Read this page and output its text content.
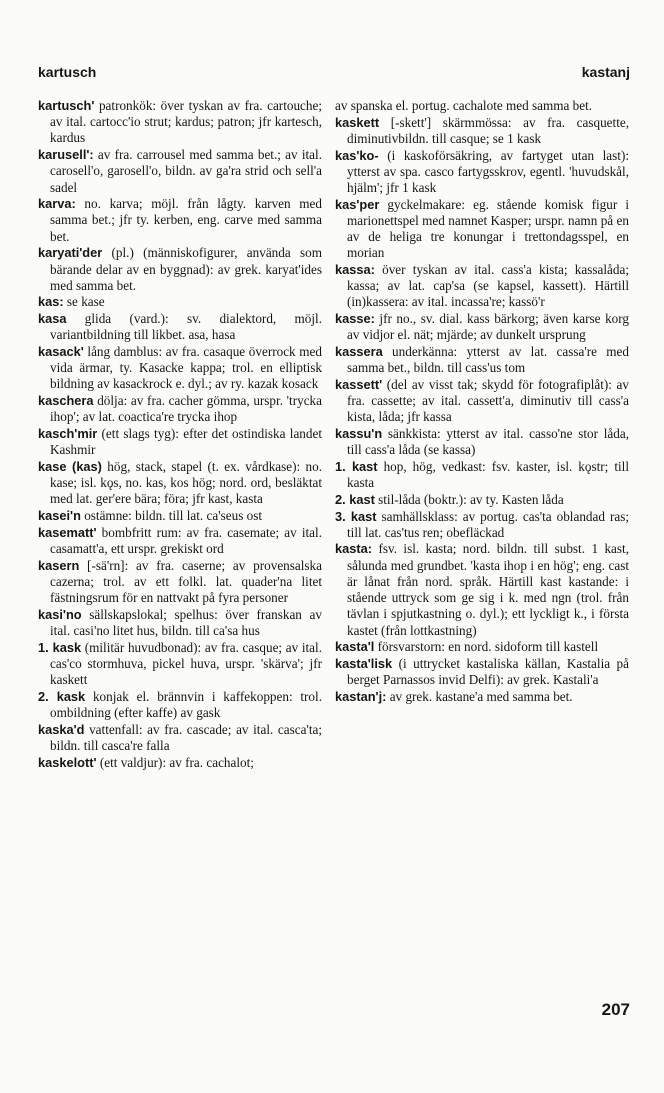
kartusch	kastanj

kartusch' patronkök: över tyskan av fra. cartouche; av ital. cartocc'io strut; kardus; patron; jfr kartesch, kardus

karusell': av fra. carrousel med samma bet.; av ital. carosell'o, garosell'o, bildn. av ga'ra strid och sell'a sadel

karva: no. karva; möjl. från lågty. karven med samma bet.; jfr ty. kerben, eng. carve med samma bet.

karyati'der (pl.) (människofigurer, använda som bärande delar av en byggnad): av grek. karyat'ides med samma bet.

kas: se kase

kasa glida (vard.): sv. dialektord, möjl. variantbildning till likbet. asa, hasa

kasack' lång damblus: av fra. casaque överrock med vida ärmar, ty. Kasacke kappa; trol. en elliptisk bildning av kasackrock e. dyl.; av ry. kazak kosack

kaschera dölja: av fra. cacher gömma, urspr. 'trycka ihop'; av lat. coactica're trycka ihop

kasch'mir (ett slags tyg): efter det ostindiska landet Kashmir

kase (kas) hög, stack, stapel (t. ex. vårdkase): no. kase; isl. kǫs, no. kas, kos hög; nord. ord, besläktat med lat. ger'ere bära; föra; jfr kast, kasta

kasei'n ostämne: bildn. till lat. ca'seus ost

kasematt' bombfritt rum: av fra. casemate; av ital. casamatt'a, ett urspr. grekiskt ord

kasern [-sä'rn]: av fra. caserne; av provensalska cazerna; trol. av ett folkl. lat. quader'na litet fästningsrum för en nattvakt på fyra personer

kasi'no sällskapslokal; spelhus: över franskan av ital. casi'no litet hus, bildn. till ca'sa hus

1. kask (militär huvudbonad): av fra. casque; av ital. cas'co stormhuva, pickel huva, urspr. 'skärva'; jfr kaskett

2. kask konjak el. brännvin i kaffekoppen: trol. ombildning (efter kaffe) av gask

kaska'd vattenfall: av fra. cascade; av ital. casca'ta; bildn. till casca're falla

kaskelott' (ett valdjur): av fra. cachalot;

av spanska el. portug. cachalote med samma bet.

kaskett [-skett'] skärmmössa: av fra. casquette, diminutivbildn. till casque; se 1 kask

kas'ko- (i kaskoförsäkring, av fartyget utan last): ytterst av spa. casco fartygsskrov, egentl. 'huvudskål, hjälm'; jfr 1 kask

kas'per gyckelmakare: eg. stående komisk figur i marionettspel med namnet Kasper; urspr. namn på en av de heliga tre konungar i trettondagsspel, en morian

kassa: över tyskan av ital. cass'a kista; kassalåda; kassa; av lat. cap'sa (se kapsel, kassett). Härtill (in)kassera: av ital. incassa're; kassö'r

kasse: jfr no., sv. dial. kass bärkorg; även karse korg av vidjor el. nät; mjärde; av dunkelt ursprung

kassera underkänna: ytterst av lat. cassa're med samma bet., bildn. till cass'us tom

kassett' (del av visst tak; skydd för fotografiplåt): av fra. cassette; av ital. cassett'a, diminutiv till cass'a kista, låda; jfr kassa

kassu'n sänkkista: ytterst av ital. casso'ne stor låda, till cass'a låda (se kassa)

1. kast hop, hög, vedkast: fsv. kaster, isl. kǫstr; till kasta

2. kast stil-låda (boktr.): av ty. Kasten låda

3. kast samhällsklass: av portug. cas'ta oblandad ras; till lat. cas'tus ren; obefläckad

kasta: fsv. isl. kasta; nord. bildn. till subst. 1 kast, sålunda med grundbet. 'kasta ihop i en hög'; eng. cast är lånat från nord. språk. Härtill kast kastande: i stående uttryck som ge sig i k. med ngn (trol. från tävlan i spjutkastning o. dyl.); ett lyckligt k., i första kastet (från lottkastning)

kasta'l försvarstorn: en nord. sidoform till kastell

kasta'lisk (i uttrycket kastaliska källan, Kastalia på berget Parnassos invid Delfi): av grek. Kastali'a

kastan'j: av grek. kastane'a med samma bet.

207
